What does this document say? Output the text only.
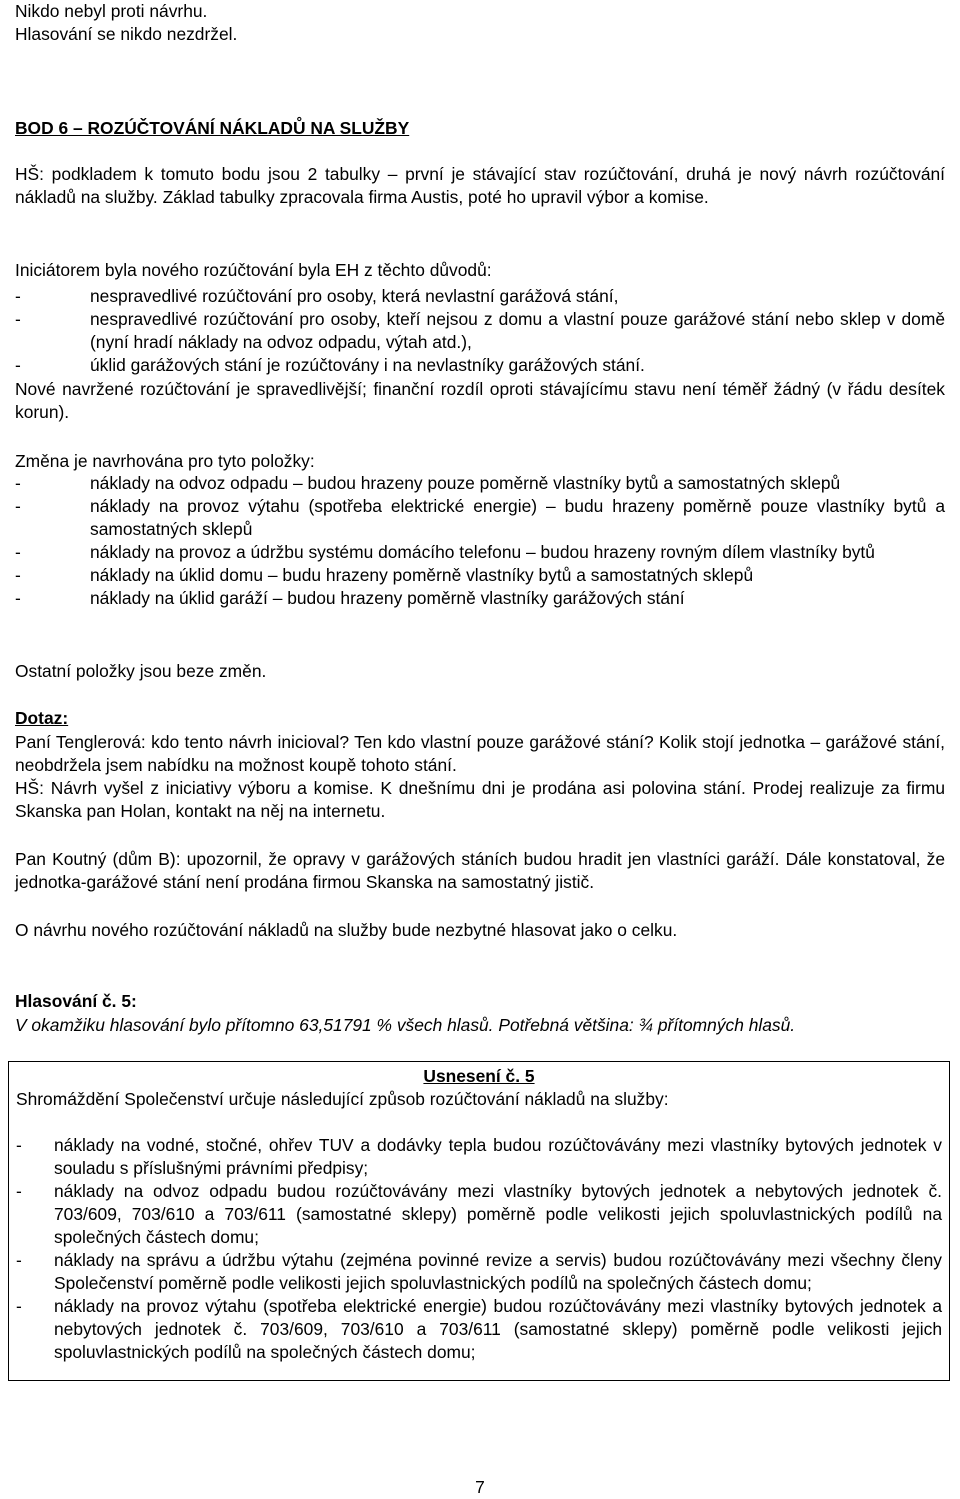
Nikdo nebyl proti návrhu.

Hlasování se nikdo nezdržel.

BOD 6 – ROZÚČTOVÁNÍ NÁKLADŮ NA SLUŽBY

HŠ: podkladem k tomuto bodu jsou 2 tabulky – první je stávající stav rozúčtování, druhá je nový návrh rozúčtování nákladů na služby. Základ tabulky zpracovala firma Austis, poté ho upravil výbor a komise.

Iniciátorem byla nového rozúčtování byla EH z těchto důvodů:

- nespravedlivé rozúčtování pro osoby, která nevlastní garážová stání,
- nespravedlivé rozúčtování pro osoby, kteří nejsou z domu a vlastní pouze garážové stání nebo sklep v domě (nyní hradí náklady na odvoz odpadu, výtah atd.),
- úklid garážových stání je rozúčtovány i na nevlastníky garážových stání.

Nové navržené rozúčtování je spravedlivější; finanční rozdíl oproti stávajícímu stavu není téměř žádný (v řádu desítek korun).

Změna je navrhována pro tyto položky:

- náklady na odvoz odpadu – budou hrazeny pouze poměrně vlastníky bytů a samostatných sklepů
- náklady na provoz výtahu (spotřeba elektrické energie) – budu hrazeny poměrně pouze vlastníky bytů a samostatných sklepů
- náklady na provoz a údržbu systému domácího telefonu – budou hrazeny rovným dílem vlastníky bytů
- náklady na úklid domu – budu hrazeny poměrně vlastníky bytů a samostatných sklepů
- náklady na úklid garáží – budou hrazeny poměrně vlastníky garážových stání

Ostatní položky jsou beze změn.

Dotaz:

Paní Tenglerová: kdo tento návrh inicioval? Ten kdo vlastní pouze garážové stání? Kolik stojí jednotka – garážové stání, neobdržela jsem nabídku na možnost koupě tohoto stání.

HŠ: Návrh vyšel z iniciativy výboru a komise. K dnešnímu dni je prodána asi polovina stání. Prodej realizuje za firmu Skanska pan Holan, kontakt na něj na internetu.

Pan Koutný (dům B): upozornil, že opravy v garážových stáních budou hradit jen vlastníci garáží. Dále konstatoval, že jednotka-garážové stání není prodána firmou Skanska na samostatný jistič.

O návrhu nového rozúčtování nákladů na služby bude nezbytné hlasovat jako o celku.

Hlasování č. 5:

V okamžiku hlasování bylo přítomno 63,51791 % všech hlasů. Potřebná většina: ¾ přítomných hlasů.

Usnesení č. 5

Shromáždění Společenství určuje následující způsob rozúčtování nákladů na služby:

- náklady na vodné, stočné, ohřev TUV a dodávky tepla budou rozúčtovávány mezi vlastníky bytových jednotek v souladu s příslušnými právními předpisy;
- náklady na odvoz odpadu budou rozúčtovávány mezi vlastníky bytových jednotek a nebytových jednotek č. 703/609, 703/610 a 703/611 (samostatné sklepy) poměrně podle velikosti jejich spoluvlastnických podílů na společných částech domu;
- náklady na správu a údržbu výtahu (zejména povinné revize a servis) budou rozúčtovávány mezi všechny členy Společenství poměrně podle velikosti jejich spoluvlastnických podílů na společných částech domu;
- náklady na provoz výtahu (spotřeba elektrické energie) budou rozúčtovávány mezi vlastníky bytových jednotek a nebytových jednotek č. 703/609, 703/610 a 703/611 (samostatné sklepy) poměrně podle velikosti jejich spoluvlastnických podílů na společných částech domu;
7
